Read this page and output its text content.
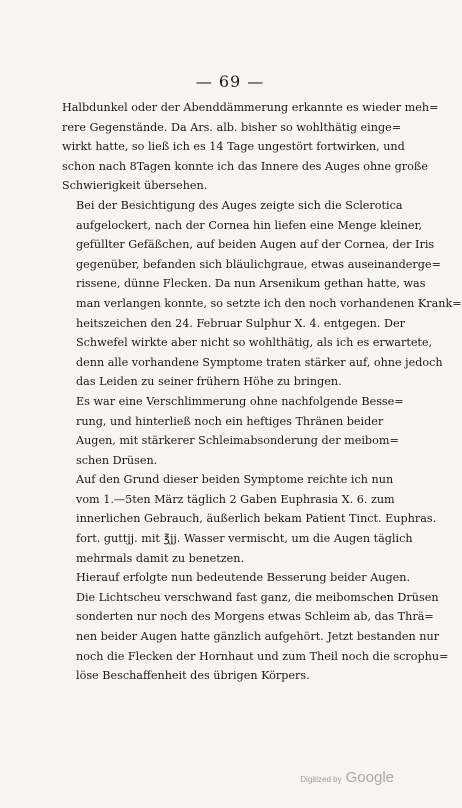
— 69 —

Halbdunkel oder der Abenddämmerung erkannte es wieder meh=
rere Gegenstände. Da Ars. alb. bisher so wohlthätig einge=
wirkt hatte, so ließ ich es 14 Tage ungestört fortwirken, und
schon nach 8Tagen konnte ich das Innere des Auges ohne große
Schwierigkeit übersehen.

Bei der Besichtigung des Auges zeigte sich die Sclerotica
aufgelockert, nach der Cornea hin liefen eine Menge kleiner,
gefüllter Gefäßchen, auf beiden Augen auf der Cornea, der Iris
gegenüber, befanden sich bläulichgraue, etwas auseinanderge=
rissene, dünne Flecken. Da nun Arsenikum gethan hatte, was
man verlangen konnte, so setzte ich den noch vorhandenen Krank=
heitszeichen den 24. Februar Sulphur X. 4. entgegen. Der
Schwefel wirkte aber nicht so wohlthätig, als ich es erwartete,
denn alle vorhandene Symptome traten stärker auf, ohne jedoch
das Leiden zu seiner frühern Höhe zu bringen.

Es war eine Verschlimmerung ohne nachfolgende Besse=
rung, und hinterließ noch ein heftiges Thränen beider
Augen, mit stärkerer Schleimabsonderung der meibom=
schen Drüsen.

Auf den Grund dieser beiden Symptome reichte ich nun
vom 1.—5ten März täglich 2 Gaben Euphrasia X. 6. zum
innerlichen Gebrauch, äußerlich bekam Patient Tinct. Euphras.
fort. guttjj. mit ℥jj. Wasser vermischt, um die Augen täglich
mehrmals damit zu benetzen.

Hierauf erfolgte nun bedeutende Besserung beider Augen.
Die Lichtscheu verschwand fast ganz, die meibomschen Drüsen
sonderten nur noch des Morgens etwas Schleim ab, das Thrä=
nen beider Augen hatte gänzlich aufgehört. Jetzt bestanden nur
noch die Flecken der Hornhaut und zum Theil noch die scrophu=
löse Beschaffenheit des übrigen Körpers.

Digitized by Google
